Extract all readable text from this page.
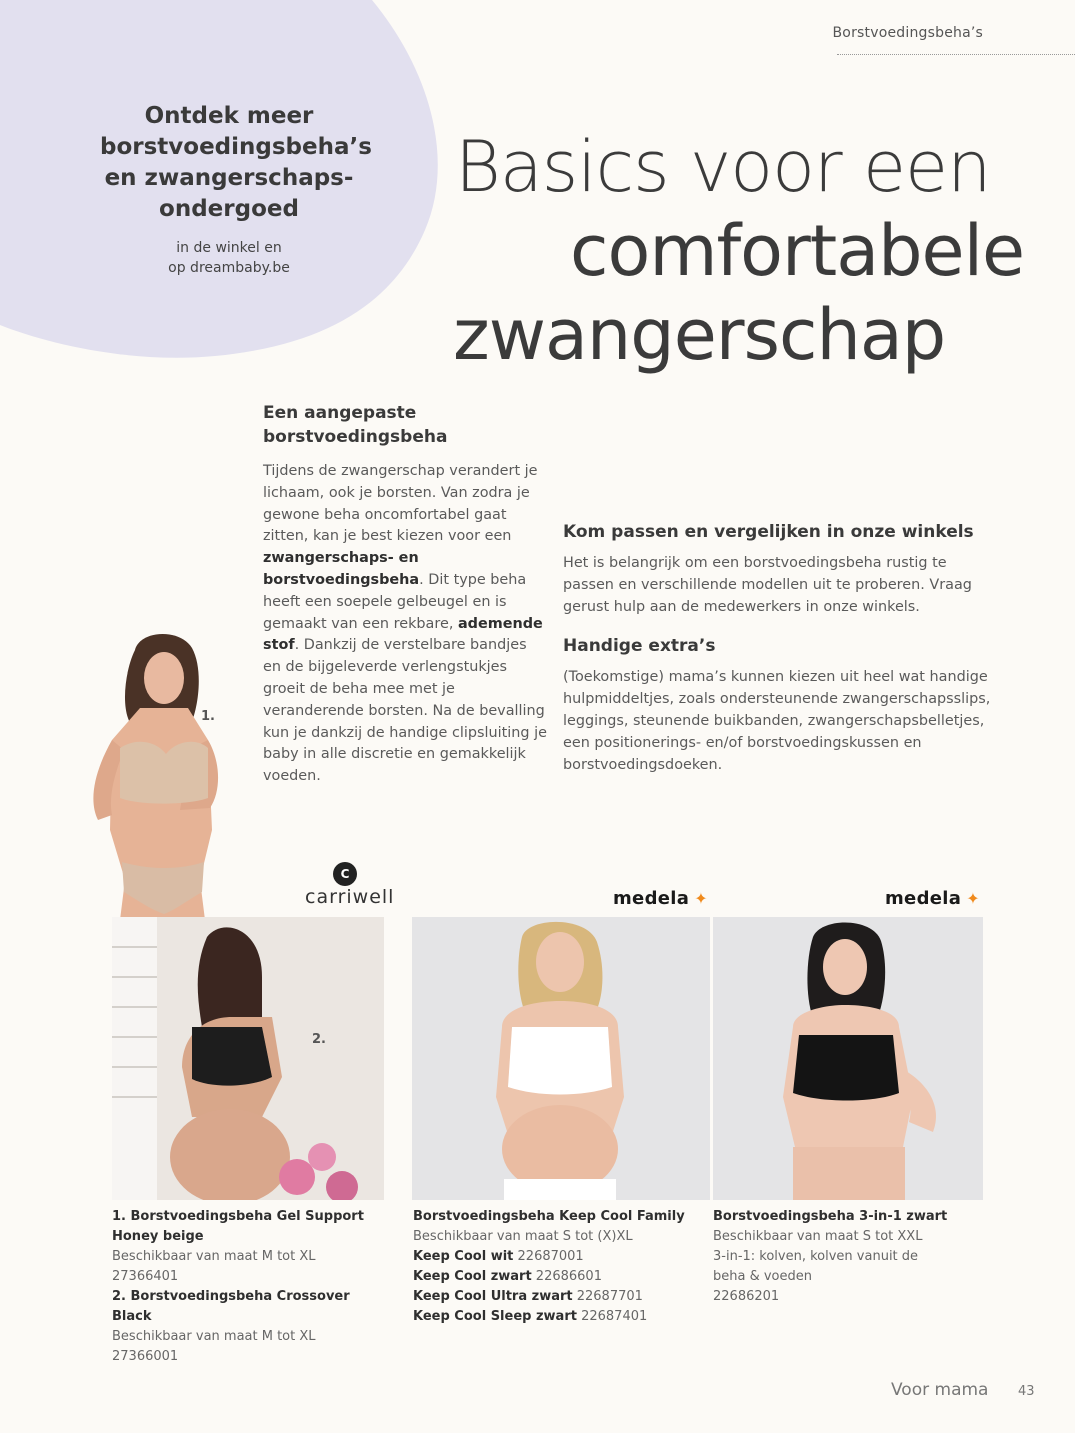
Borstvoedingsbeha’s
Ontdek meer borstvoedingsbeha’s en zwangerschaps-ondergoed
in de winkel en
op dreambaby.be
Basics voor een
comfortabele
zwangerschap
Een aangepaste borstvoedingsbeha

Tijdens de zwangerschap verandert je lichaam, ook je borsten. Van zodra je gewone beha oncomfortabel gaat zitten, kan je best kiezen voor een zwangerschaps- en borstvoedingsbeha. Dit type beha heeft een soepele gelbeugel en is gemaakt van een rekbare, ademende stof. Dankzij de verstelbare bandjes en de bijgeleverde verlengstukjes groeit de beha mee met je veranderende borsten. Na de bevalling kun je dankzij de handige clipsluiting je baby in alle discretie en gemakkelijk voeden.

Kom passen en vergelijken in onze winkels

Het is belangrijk om een borstvoedingsbeha rustig te passen en verschillende modellen uit te proberen. Vraag gerust hulp aan de medewerkers in onze winkels.

Handige extra’s

(Toekomstige) mama’s kunnen kiezen uit heel wat handige hulpmiddeltjes, zoals ondersteunende zwangerschapsslips, leggings, steunende buikbanden, zwangerschapsbelletjes, een positionerings- en/of borstvoedingskussen en borstvoedingsdoeken.

1.
C
carriwell
2.
medela ✦	medela ✦
1. Borstvoedingsbeha Gel Support
Honey beige
Beschikbaar van maat M tot XL
27366401
2. Borstvoedingsbeha Crossover Black
Beschikbaar van maat M tot XL
27366001
Borstvoedingsbeha Keep Cool Family
Beschikbaar van maat S tot (X)XL
Keep Cool wit 22687001
Keep Cool zwart 22686601
Keep Cool Ultra zwart 22687701
Keep Cool Sleep zwart 22687401
Borstvoedingsbeha 3-in-1 zwart
Beschikbaar van maat S tot XXL
3-in-1: kolven, kolven vanuit de
beha & voeden
22686201
Voor mama 43
